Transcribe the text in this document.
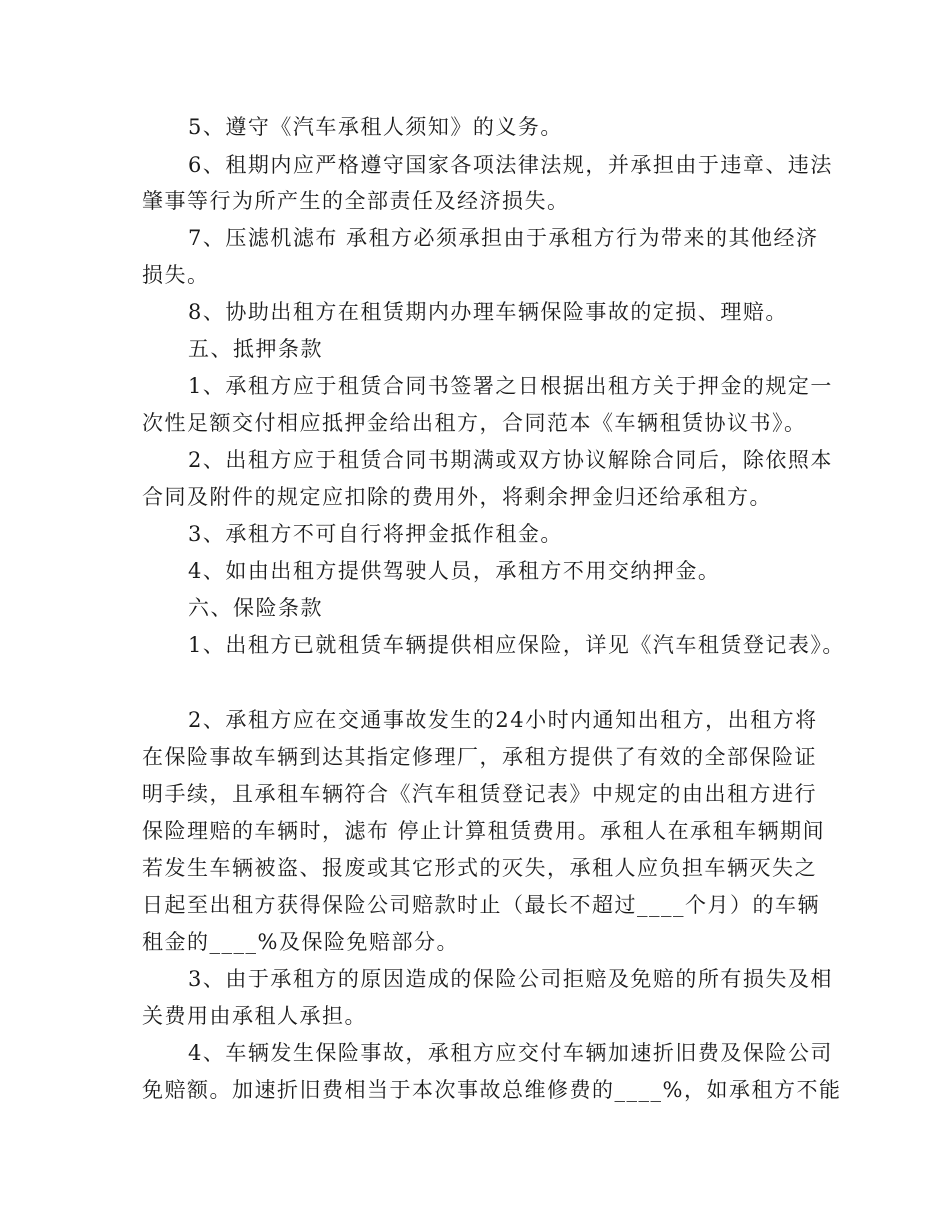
5、遵守《汽车承租人须知》的义务。
6、租期内应严格遵守国家各项法律法规，并承担由于违章、违法
肇事等行为所产生的全部责任及经济损失。
7、压滤机滤布 承租方必须承担由于承租方行为带来的其他经济
损失。
8、协助出租方在租赁期内办理车辆保险事故的定损、理赔。
五、抵押条款
1、承租方应于租赁合同书签署之日根据出租方关于押金的规定一
次性足额交付相应抵押金给出租方，合同范本《车辆租赁协议书》。
2、出租方应于租赁合同书期满或双方协议解除合同后，除依照本
合同及附件的规定应扣除的费用外，将剩余押金归还给承租方。
3、承租方不可自行将押金抵作租金。
4、如由出租方提供驾驶人员，承租方不用交纳押金。
六、保险条款
1、出租方已就租赁车辆提供相应保险，详见《汽车租赁登记表》。
2、承租方应在交通事故发生的24小时内通知出租方，出租方将
在保险事故车辆到达其指定修理厂，承租方提供了有效的全部保险证
明手续，且承租车辆符合《汽车租赁登记表》中规定的由出租方进行
保险理赔的车辆时，滤布 停止计算租赁费用。承租人在承租车辆期间
若发生车辆被盗、报废或其它形式的灭失，承租人应负担车辆灭失之
日起至出租方获得保险公司赔款时止（最长不超过____个月）的车辆
租金的____%及保险免赔部分。
3、由于承租方的原因造成的保险公司拒赔及免赔的所有损失及相
关费用由承租人承担。
4、车辆发生保险事故，承租方应交付车辆加速折旧费及保险公司
免赔额。加速折旧费相当于本次事故总维修费的____%，如承租方不能
